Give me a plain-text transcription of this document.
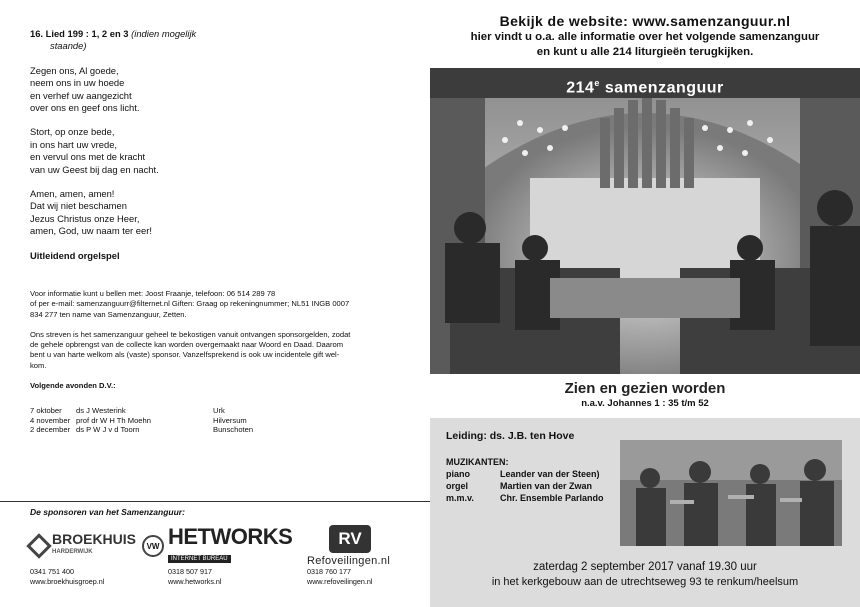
16. Lied 199 : 1, 2 en 3 (indien mogelijk
staande)
Zegen ons, Al goede,
neem ons in uw hoede
en verhef uw aangezicht
over ons en geef ons licht.
Stort, op onze bede,
in ons hart uw vrede,
en vervul ons met de kracht
van uw Geest bij dag en nacht.
Amen, amen, amen!
Dat wij niet beschamen
Jezus Christus onze Heer,
amen, God, uw naam ter eer!
Uitleidend orgelspel

Voor informatie kunt u bellen met: Joost Fraanje, telefoon: 06 514 289 78
of per e-mail: samenzanguurr@filternet.nl Giften: Graag op rekeningnummer; NL51 INGB 0007
834 277 ten name van Samenzanguur, Zetten.

Ons streven is het samenzanguur geheel te bekostigen vanuit ontvangen sponsorgelden, zodat
de gehele opbrengst van de collecte kan worden overgemaakt naar Woord en Daad. Daarom
bent u van harte welkom als (vaste) sponsor. Vanzelfsprekend is ook uw incidentele gift wel-
kom.

Volgende avonden D.V.:

7 oktober	ds J Westerink	Urk
4 november prof dr W H Th Moehn	Hilversum
2 december ds P W J v d Toorn	Bunschoten
De sponsoren van het Samenzanguur:
BROEKHUIS
HARDERWIJK
VW
0341 751 400
www.broekhuisgroep.nl
HETWORKS
INTERNET BUREAU
0318 507 917
www.hetworks.nl
RV
Refoveilingen.nl
0318 760 177
www.refoveilingen.nl
Bekijk de website: www.samenzanguur.nl
hier vindt u o.a. alle informatie over het volgende samenzanguur
en kunt u alle 214 liturgieën terugkijken.
214e samenzanguur
Zien en gezien worden
n.a.v. Johannes 1 : 35 t/m 52
Leiding: ds. J.B. ten Hove
MUZIKANTEN:
piano	Leander van der Steen)
orgel	Martien van der Zwan
m.m.v.	Chr. Ensemble Parlando
zaterdag 2 september 2017 vanaf 19.30 uur
in het kerkgebouw aan de utrechtseweg 93 te renkum/heelsum
